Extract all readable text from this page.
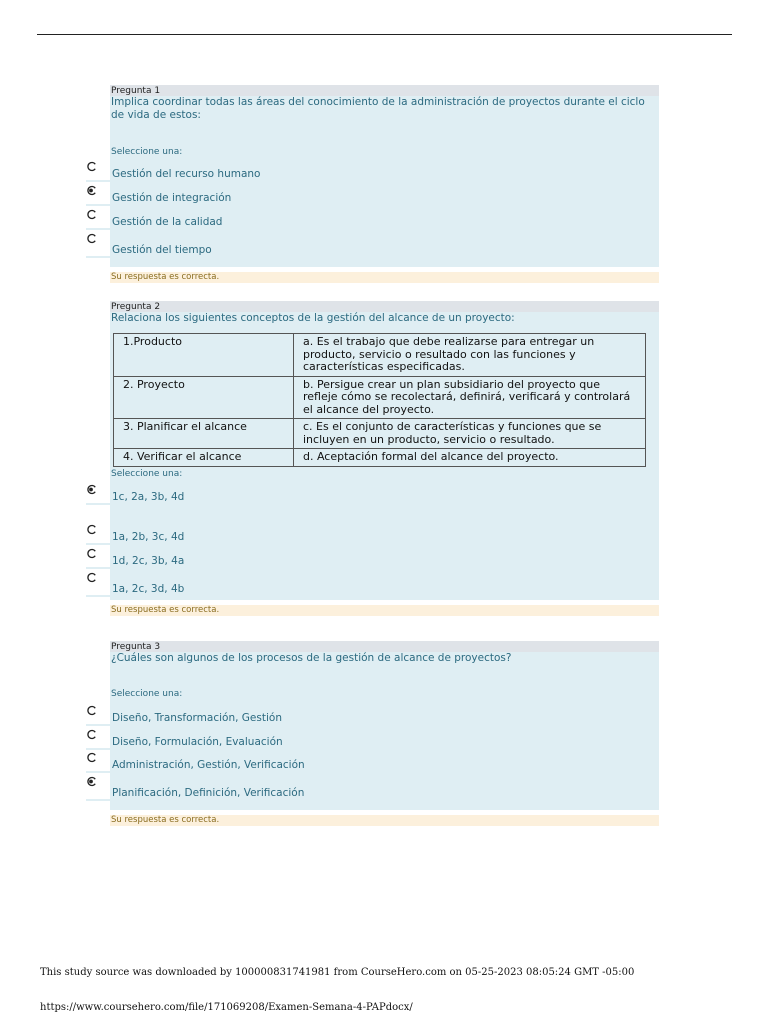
Pregunta 1
Implica coordinar todas las áreas del conocimiento de la administración de proyectos durante el ciclo de vida de estos:
Seleccione una:
Gestión del recurso humano
Gestión de integración
Gestión de la calidad
Gestión del tiempo
Su respuesta es correcta.
Pregunta 2
Relaciona los siguientes conceptos de la gestión del alcance de un proyecto:
1.Producto	a. Es el trabajo que debe realizarse para entregar un producto, servicio o resultado con las funciones y características especificadas.
2. Proyecto	b. Persigue crear un plan subsidiario del proyecto que refleje cómo se recolectará, definirá, verificará y controlará el alcance del proyecto.
3. Planificar el alcance	c. Es el conjunto de características y funciones que se incluyen en un producto, servicio o resultado.
4. Verificar el alcance	d. Aceptación formal del alcance del proyecto.
Seleccione una:
1c, 2a, 3b, 4d
1a, 2b, 3c, 4d
1d, 2c, 3b, 4a
1a, 2c, 3d, 4b
Su respuesta es correcta.
Pregunta 3
¿Cuáles son algunos de los procesos de la gestión de alcance de proyectos?
Seleccione una:
Diseño, Transformación, Gestión
Diseño, Formulación, Evaluación
Administración, Gestión, Verificación
Planificación, Definición, Verificación
Su respuesta es correcta.
This study source was downloaded by 100000831741981 from CourseHero.com on 05-25-2023 08:05:24 GMT -05:00
https://www.coursehero.com/file/171069208/Examen-Semana-4-PAPdocx/
